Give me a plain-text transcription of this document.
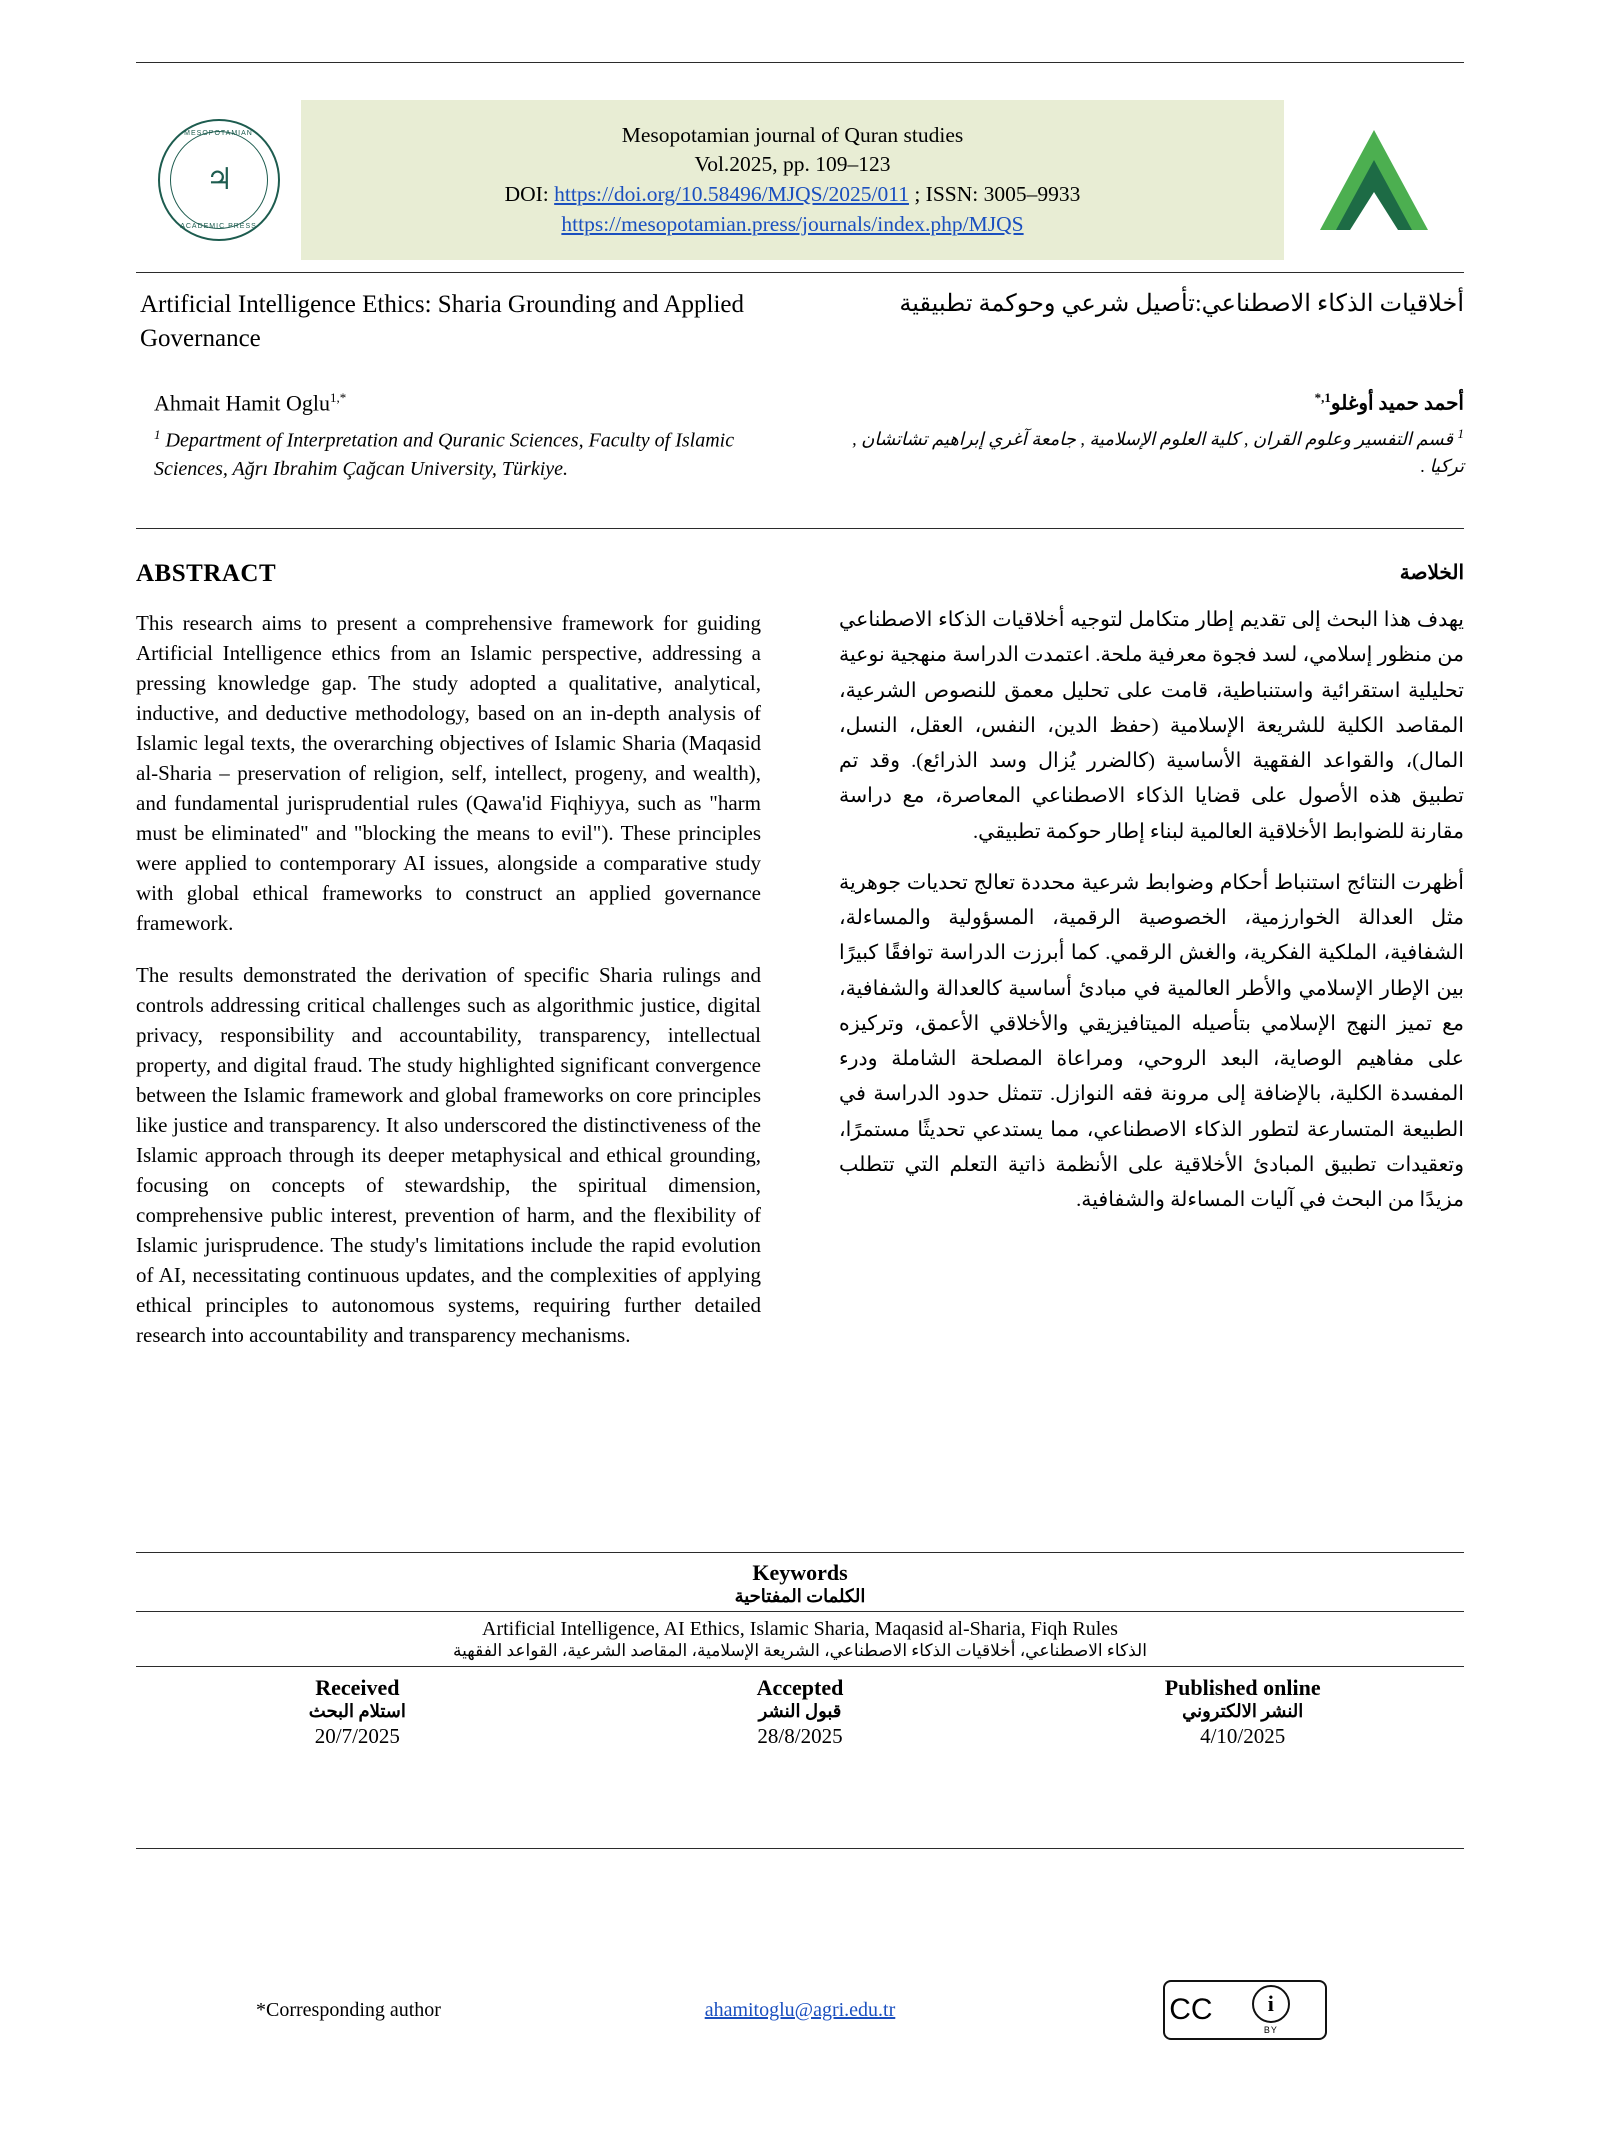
MESOPOTAMIAN
♃
ACADEMIC PRESS
Mesopotamian journal of Quran studies
Vol.2025, pp. 109–123
DOI: https://doi.org/10.58496/MJQS/2025/011 ; ISSN: 3005–9933
https://mesopotamian.press/journals/index.php/MJQS
Artificial Intelligence Ethics: Sharia Grounding and Applied Governance
أخلاقيات الذكاء الاصطناعي:تأصيل شرعي وحوكمة تطبيقية
Ahmait Hamit Oglu$^{1,*}$
$^1$ Department of Interpretation and Quranic Sciences, Faculty of Islamic Sciences, Ağrı Ibrahim Çağcan University, Türkiye.
أحمد حميد أوغلو$^{1,*}$
$^1$ قسم التفسير وعلوم القران , كلية العلوم الإسلامية , جامعة آغري إبراهيم تشاتشان , تركيا .
ABSTRACT

This research aims to present a comprehensive framework for guiding Artificial Intelligence ethics from an Islamic perspective, addressing a pressing knowledge gap. The study adopted a qualitative, analytical, inductive, and deductive methodology, based on an in-depth analysis of Islamic legal texts, the overarching objectives of Islamic Sharia (Maqasid al-Sharia – preservation of religion, self, intellect, progeny, and wealth), and fundamental jurisprudential rules (Qawa'id Fiqhiyya, such as "harm must be eliminated" and "blocking the means to evil"). These principles were applied to contemporary AI issues, alongside a comparative study with global ethical frameworks to construct an applied governance framework.

The results demonstrated the derivation of specific Sharia rulings and controls addressing critical challenges such as algorithmic justice, digital privacy, responsibility and accountability, transparency, intellectual property, and digital fraud. The study highlighted significant convergence between the Islamic framework and global frameworks on core principles like justice and transparency. It also underscored the distinctiveness of the Islamic approach through its deeper metaphysical and ethical grounding, focusing on concepts of stewardship, the spiritual dimension, comprehensive public interest, prevention of harm, and the flexibility of Islamic jurisprudence. The study's limitations include the rapid evolution of AI, necessitating continuous updates, and the complexities of applying ethical principles to autonomous systems, requiring further detailed research into accountability and transparency mechanisms.

الخلاصة

يهدف هذا البحث إلى تقديم إطار متكامل لتوجيه أخلاقيات الذكاء الاصطناعي من منظور إسلامي، لسد فجوة معرفية ملحة. اعتمدت الدراسة منهجية نوعية تحليلية استقرائية واستنباطية، قامت على تحليل معمق للنصوص الشرعية، المقاصد الكلية للشريعة الإسلامية (حفظ الدين، النفس، العقل، النسل، المال)، والقواعد الفقهية الأساسية (كالضرر يُزال وسد الذرائع). وقد تم تطبيق هذه الأصول على قضايا الذكاء الاصطناعي المعاصرة، مع دراسة مقارنة للضوابط الأخلاقية العالمية لبناء إطار حوكمة تطبيقي.

أظهرت النتائج استنباط أحكام وضوابط شرعية محددة تعالج تحديات جوهرية مثل العدالة الخوارزمية، الخصوصية الرقمية، المسؤولية والمساءلة، الشفافية، الملكية الفكرية، والغش الرقمي. كما أبرزت الدراسة توافقًا كبيرًا بين الإطار الإسلامي والأطر العالمية في مبادئ أساسية كالعدالة والشفافية، مع تميز النهج الإسلامي بتأصيله الميتافيزيقي والأخلاقي الأعمق، وتركيزه على مفاهيم الوصاية، البعد الروحي، ومراعاة المصلحة الشاملة ودرء المفسدة الكلية، بالإضافة إلى مرونة فقه النوازل. تتمثل حدود الدراسة في الطبيعة المتسارعة لتطور الذكاء الاصطناعي، مما يستدعي تحديثًا مستمرًا، وتعقيدات تطبيق المبادئ الأخلاقية على الأنظمة ذاتية التعلم التي تتطلب مزيدًا من البحث في آليات المساءلة والشفافية.

Keywords
الكلمات المفتاحية
Artificial Intelligence, AI Ethics, Islamic Sharia, Maqasid al-Sharia, Fiqh Rules
الذكاء الاصطناعي، أخلاقيات الذكاء الاصطناعي، الشريعة الإسلامية، المقاصد الشرعية، القواعد الفقهية
Received
استلام البحث
20/7/2025
Accepted
قبول النشر
28/8/2025
Published online
النشر الالكتروني
4/10/2025
*Corresponding author	ahamitoglu@agri.edu.tr	CC	i
BY
